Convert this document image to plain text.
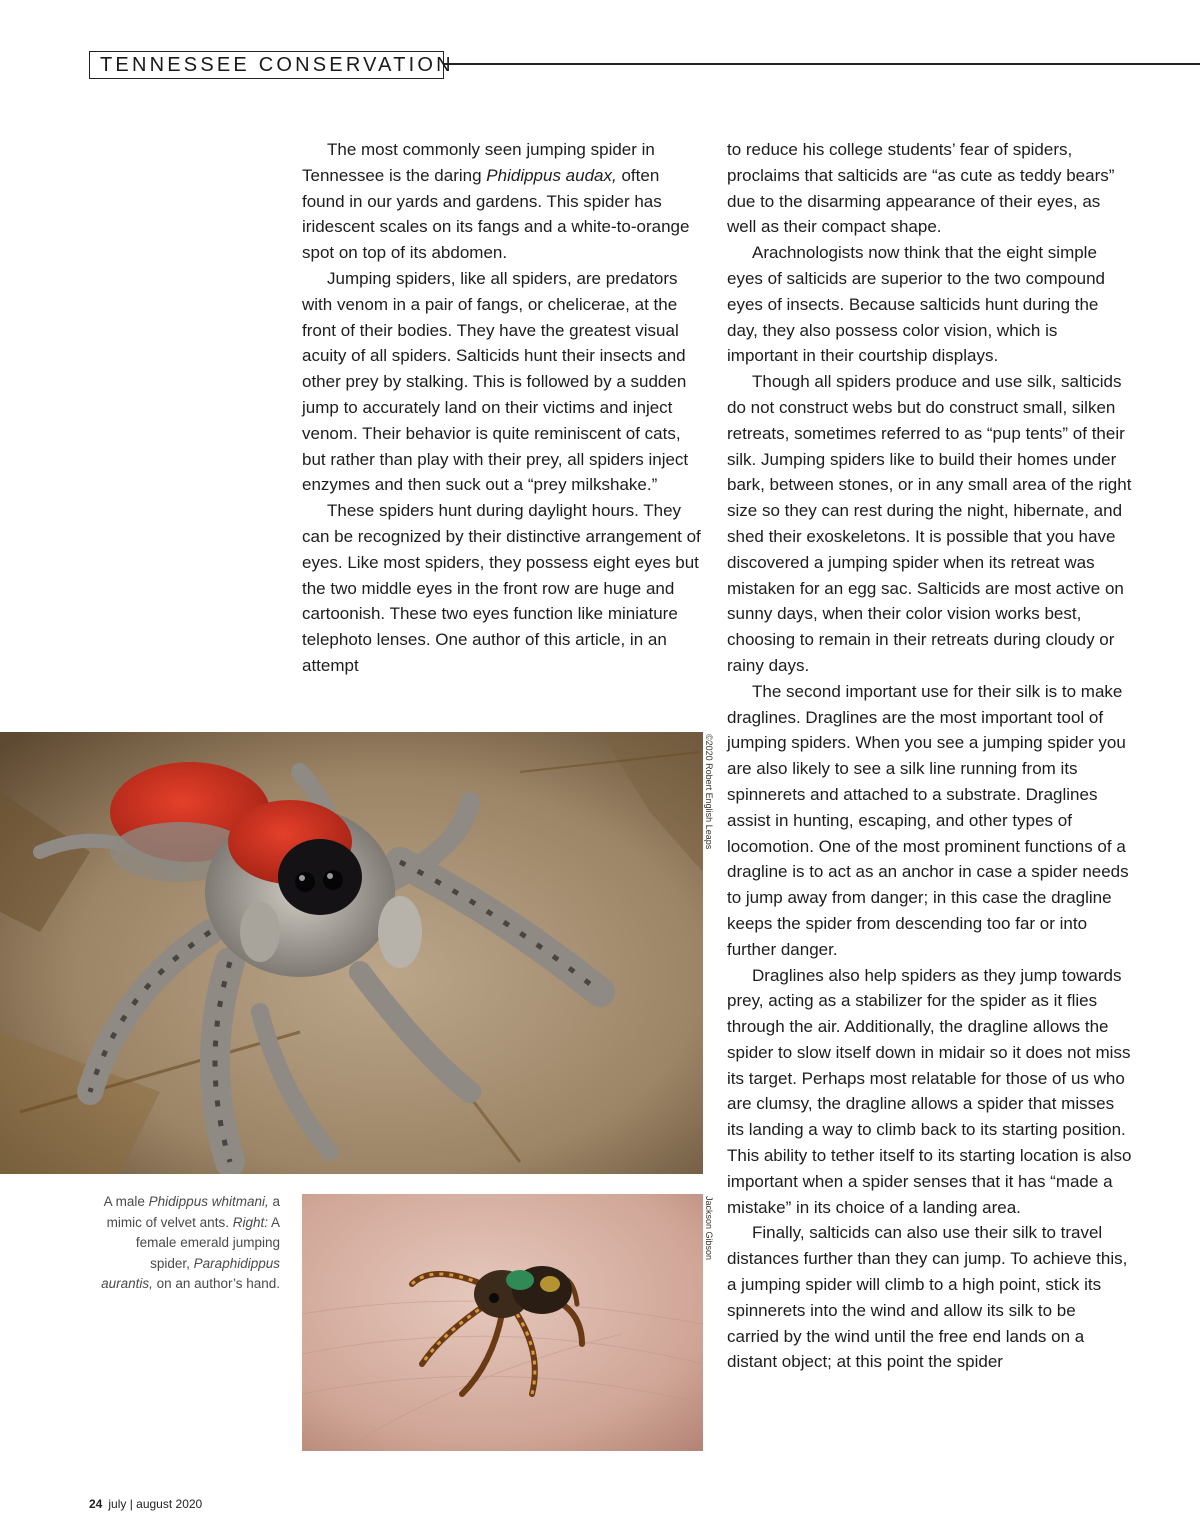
TENNESSEE CONSERVATION

The most commonly seen jumping spider in Tennessee is the daring Phidippus audax, often found in our yards and gardens. This spider has iridescent scales on its fangs and a white-to-orange spot on top of its abdomen.

Jumping spiders, like all spiders, are predators with venom in a pair of fangs, or chelicerae, at the front of their bodies. They have the greatest visual acuity of all spiders. Salticids hunt their insects and other prey by stalking. This is followed by a sudden jump to accurately land on their victims and inject venom. Their behavior is quite reminiscent of cats, but rather than play with their prey, all spiders inject enzymes and then suck out a “prey milkshake.”

These spiders hunt during daylight hours. They can be recognized by their distinctive arrangement of eyes. Like most spiders, they possess eight eyes but the two middle eyes in the front row are huge and cartoonish. These two eyes function like miniature telephoto lenses. One author of this article, in an attempt

to reduce his college students’ fear of spiders, proclaims that salticids are “as cute as teddy bears” due to the disarming appearance of their eyes, as well as their compact shape.

Arachnologists now think that the eight simple eyes of salticids are superior to the two compound eyes of insects. Because salticids hunt during the day, they also possess color vision, which is important in their courtship displays.

Though all spiders produce and use silk, salticids do not construct webs but do construct small, silken retreats, sometimes referred to as “pup tents” of their silk. Jumping spiders like to build their homes under bark, between stones, or in any small area of the right size so they can rest during the night, hibernate, and shed their exoskeletons. It is possible that you have discovered a jumping spider when its retreat was mistaken for an egg sac. Salticids are most active on sunny days, when their color vision works best, choosing to remain in their retreats during cloudy or rainy days.

The second important use for their silk is to make draglines. Draglines are the most important tool of jumping spiders. When you see a jumping spider you are also likely to see a silk line running from its spinnerets and attached to a substrate. Draglines assist in hunting, escaping, and other types of locomotion. One of the most prominent functions of a dragline is to act as an anchor in case a spider needs to jump away from danger; in this case the dragline keeps the spider from descending too far or into further danger.

Draglines also help spiders as they jump towards prey, acting as a stabilizer for the spider as it flies through the air. Additionally, the dragline allows the spider to slow itself down in midair so it does not miss its target. Perhaps most relatable for those of us who are clumsy, the dragline allows a spider that misses its landing a way to climb back to its starting position. This ability to tether itself to its starting location is also important when a spider senses that it has “made a mistake” in its choice of a landing area.

Finally, salticids can also use their silk to travel distances further than they can jump. To achieve this, a jumping spider will climb to a high point, stick its spinnerets into the wind and allow its silk to be carried by the wind until the free end lands on a distant object; at this point the spider

©2020 Robert English Leaps
A male Phidippus whitmani, a mimic of velvet ants. Right: A female emerald jumping spider, Paraphidippus aurantis, on an author’s hand.
Jackson Gibson
24 july | august 2020
